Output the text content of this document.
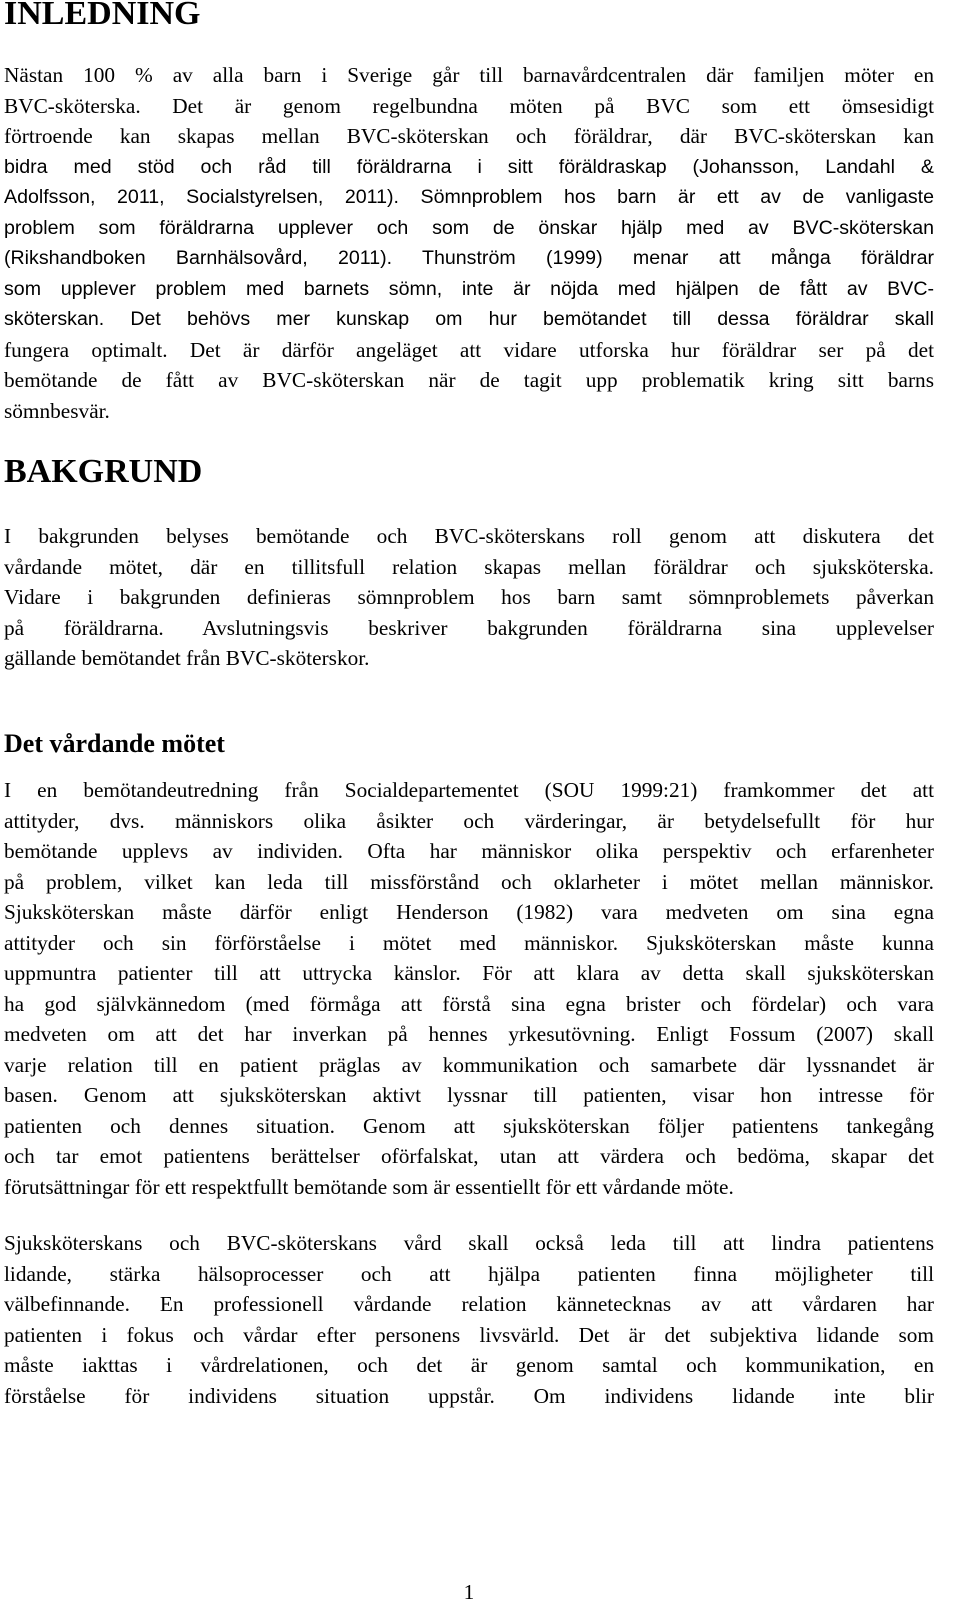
INLEDNING
Nästan 100 % av alla barn i Sverige går till barnavårdcentralen där familjen möter en
BVC-sköterska. Det är genom regelbundna möten på BVC som ett ömsesidigt
förtroende kan skapas mellan BVC-sköterskan och föräldrar, där BVC-sköterskan kan
bidra med stöd och råd till föräldrarna i sitt föräldraskap (Johansson, Landahl &
Adolfsson, 2011, Socialstyrelsen, 2011). Sömnproblem hos barn är ett av de vanligaste
problem som föräldrarna upplever och som de önskar hjälp med av BVC-sköterskan
(Rikshandboken Barnhälsovård, 2011). Thunström (1999) menar att många föräldrar
som upplever problem med barnets sömn, inte är nöjda med hjälpen de fått av BVC-
sköterskan. Det behövs mer kunskap om hur bemötandet till dessa föräldrar skall
fungera optimalt. Det är därför angeläget att vidare utforska hur föräldrar ser på det
bemötande de fått av BVC-sköterskan när de tagit upp problematik kring sitt barns
sömnbesvär.
BAKGRUND
I bakgrunden belyses bemötande och BVC-sköterskans roll genom att diskutera det
vårdande mötet, där en tillitsfull relation skapas mellan föräldrar och sjuksköterska.
Vidare i bakgrunden definieras sömnproblem hos barn samt sömnproblemets påverkan
på föräldrarna. Avslutningsvis beskriver bakgrunden föräldrarna sina upplevelser
gällande bemötandet från BVC-sköterskor.
Det vårdande mötet
I en bemötandeutredning från Socialdepartementet (SOU 1999:21) framkommer det att
attityder, dvs. människors olika åsikter och värderingar, är betydelsefullt för hur
bemötande upplevs av individen. Ofta har människor olika perspektiv och erfarenheter
på problem, vilket kan leda till missförstånd och oklarheter i mötet mellan människor.
Sjuksköterskan måste därför enligt Henderson (1982) vara medveten om sina egna
attityder och sin förförståelse i mötet med människor. Sjuksköterskan måste kunna
uppmuntra patienter till att uttrycka känslor. För att klara av detta skall sjuksköterskan
ha god självkännedom (med förmåga att förstå sina egna brister och fördelar) och vara
medveten om att det har inverkan på hennes yrkesutövning. Enligt Fossum (2007) skall
varje relation till en patient präglas av kommunikation och samarbete där lyssnandet är
basen. Genom att sjuksköterskan aktivt lyssnar till patienten, visar hon intresse för
patienten och dennes situation. Genom att sjuksköterskan följer patientens tankegång
och tar emot patientens berättelser oförfalskat, utan att värdera och bedöma, skapar det
förutsättningar för ett respektfullt bemötande som är essentiellt för ett vårdande möte.
Sjuksköterskans och BVC-sköterskans vård skall också leda till att lindra patientens
lidande, stärka hälsoprocesser och att hjälpa patienten finna möjligheter till
välbefinnande. En professionell vårdande relation kännetecknas av att vårdaren har
patienten i fokus och vårdar efter personens livsvärld. Det är det subjektiva lidande som
måste iakttas i vårdrelationen, och det är genom samtal och kommunikation, en
förståelse för individens situation uppstår. Om individens lidande inte blir
1
